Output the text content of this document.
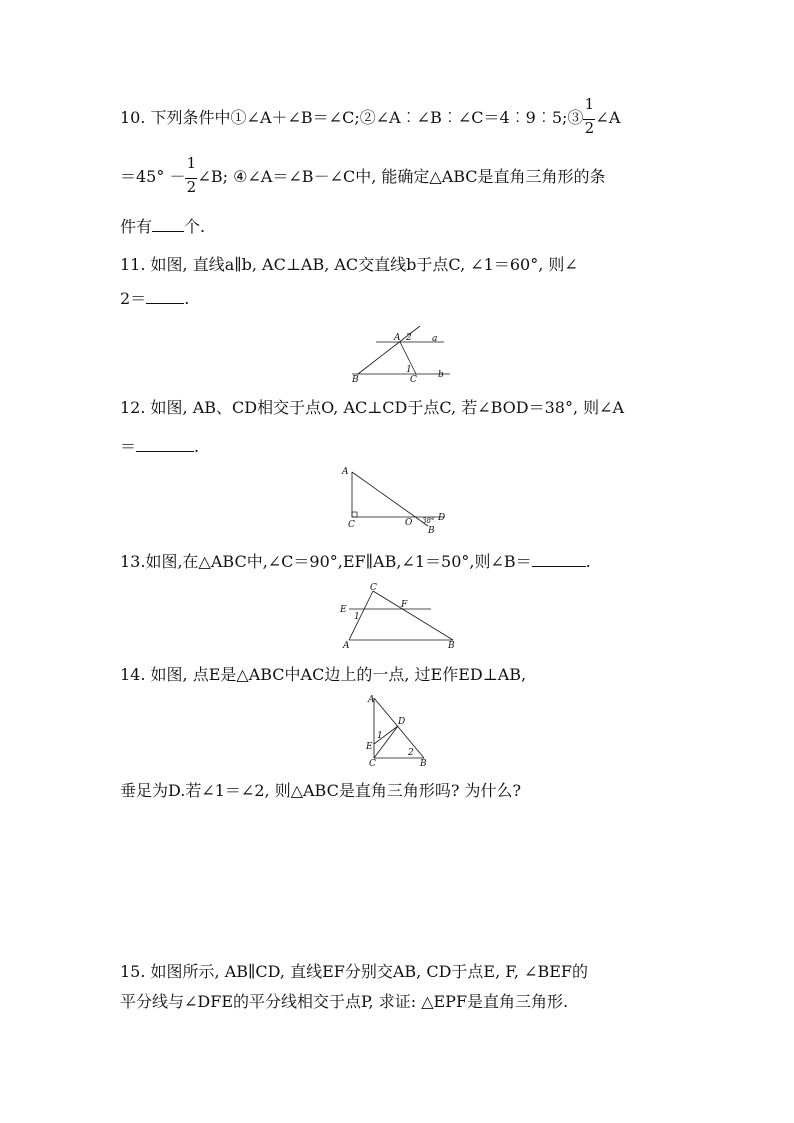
10. 下列条件中①∠A＋∠B＝∠C;②∠A︰∠B︰∠C＝4︰9︰5;③ $\frac{1}{2}$ ∠A
$=45^\circ - \frac{1}{2}$ ∠B; ④∠A＝∠B－∠C中, 能确定△ABC是直角三角形的条
件有 个.
11. 如图, 直线a∥b, AC⊥AB, AC交直线b于点C, ∠1＝60°, 则∠
2＝ .
A 2 a
B
1
C b
12. 如图, AB、CD相交于点O, AC⊥CD于点C, 若∠BOD＝38°, 则∠A
＝	.
A
C	O 38° D
B
13.如图,在△ABC中,∠C＝90°,EF∥AB,∠1＝50°,则∠B＝	.
C
E	F
1
A	B
14. 如图, 点E是△ABC中AC边上的一点, 过E作ED⊥AB,
A
D
1
E
2
C	B
垂足为D.若∠1＝∠2, 则△ABC是直角三角形吗? 为什么?
15. 如图所示, AB∥CD, 直线EF分别交AB, CD于点E, F, ∠BEF的
平分线与∠DFE的平分线相交于点P, 求证: △EPF是直角三角形.
